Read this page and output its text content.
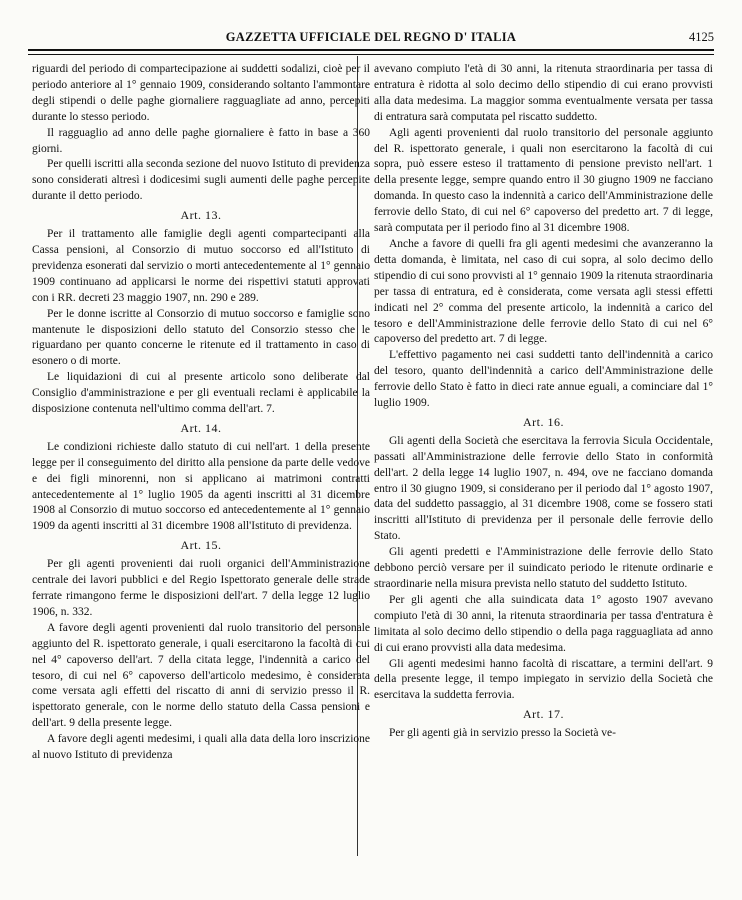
GAZZETTA UFFICIALE DEL REGNO D' ITALIA	4125

riguardi del periodo di compartecipazione ai suddetti sodalizi, cioè per il periodo anteriore al 1° gennaio 1909, considerando soltanto l'ammontare degli stipendi o delle paghe giornaliere ragguagliate ad anno, percepiti durante lo stesso periodo.

Il ragguaglio ad anno delle paghe giornaliere è fatto in base a 360 giorni.

Per quelli iscritti alla seconda sezione del nuovo Istituto di previdenza sono considerati altresì i dodicesimi sugli aumenti delle paghe percepite durante il detto periodo.

Art. 13.

Per il trattamento alle famiglie degli agenti compartecipanti alla Cassa pensioni, al Consorzio di mutuo soccorso ed all'Istituto di previdenza esonerati dal servizio o morti antecedentemente al 1° gennaio 1909 continuano ad applicarsi le norme dei rispettivi statuti approvati con i RR. decreti 23 maggio 1907, nn. 290 e 289.

Per le donne iscritte al Consorzio di mutuo soccorso e famiglie sono mantenute le disposizioni dello statuto del Consorzio stesso che le riguardano per quanto concerne le ritenute ed il trattamento in caso di esonero o di morte.

Le liquidazioni di cui al presente articolo sono deliberate dal Consiglio d'amministrazione e per gli eventuali reclami è applicabile la disposizione contenuta nell'ultimo comma dell'art. 7.

Art. 14.

Le condizioni richieste dallo statuto di cui nell'art. 1 della presente legge per il conseguimento del diritto alla pensione da parte delle vedove e dei figli minorenni, non si applicano ai matrimoni contratti antecedentemente al 1° luglio 1905 da agenti inscritti al 31 dicembre 1908 al Consorzio di mutuo soccorso ed antecedentemente al 1° gennaio 1909 da agenti inscritti al 31 dicembre 1908 all'Istituto di previdenza.

Art. 15.

Per gli agenti provenienti dai ruoli organici dell'Amministrazione centrale dei lavori pubblici e del Regio Ispettorato generale delle strade ferrate rimangono ferme le disposizioni dell'art. 7 della legge 12 luglio 1906, n. 332.

A favore degli agenti provenienti dal ruolo transitorio del personale aggiunto del R. ispettorato generale, i quali esercitarono la facoltà di cui nel 4° capoverso dell'art. 7 della citata legge, l'indennità a carico del tesoro, di cui nel 6° capoverso dell'articolo medesimo, è considerata come versata agli effetti del riscatto di anni di servizio presso il R. ispettorato generale, con le norme dello statuto della Cassa pensioni e dell'art. 9 della presente legge.

A favore degli agenti medesimi, i quali alla data della loro inscrizione al nuovo Istituto di previdenza

avevano compiuto l'età di 30 anni, la ritenuta straordinaria per tassa di entratura è ridotta al solo decimo dello stipendio di cui erano provvisti alla data medesima. La maggior somma eventualmente versata per tassa di entratura sarà computata pel riscatto suddetto.

Agli agenti provenienti dal ruolo transitorio del personale aggiunto del R. ispettorato generale, i quali non esercitarono la facoltà di cui sopra, può essere esteso il trattamento di pensione previsto nell'art. 1 della presente legge, sempre quando entro il 30 giugno 1909 ne facciano domanda. In questo caso la indennità a carico dell'Amministrazione delle ferrovie dello Stato, di cui nel 6° capoverso del predetto art. 7 di legge, sarà computata per il periodo fino al 31 dicembre 1908.

Anche a favore di quelli fra gli agenti medesimi che avanzeranno la detta domanda, è limitata, nel caso di cui sopra, al solo decimo dello stipendio di cui sono provvisti al 1° gennaio 1909 la ritenuta straordinaria per tassa di entratura, ed è considerata, come versata agli stessi effetti indicati nel 2° comma del presente articolo, la indennità a carico del tesoro e dell'Amministrazione delle ferrovie dello Stato di cui nel 6° capoverso del predetto art. 7 di legge.

L'effettivo pagamento nei casi suddetti tanto dell'indennità a carico del tesoro, quanto dell'indennità a carico dell'Amministrazione delle ferrovie dello Stato è fatto in dieci rate annue eguali, a cominciare dal 1° luglio 1909.

Art. 16.

Gli agenti della Società che esercitava la ferrovia Sicula Occidentale, passati all'Amministrazione delle ferrovie dello Stato in conformità dell'art. 2 della legge 14 luglio 1907, n. 494, ove ne facciano domanda entro il 30 giugno 1909, si considerano per il periodo dal 1° agosto 1907, data del suddetto passaggio, al 31 dicembre 1908, come se fossero stati inscritti all'Istituto di previdenza per il personale delle ferrovie dello Stato.

Gli agenti predetti e l'Amministrazione delle ferrovie dello Stato debbono perciò versare per il suindicato periodo le ritenute ordinarie e straordinarie nella misura prevista nello statuto del suddetto Istituto.

Per gli agenti che alla suindicata data 1° agosto 1907 avevano compiuto l'età di 30 anni, la ritenuta straordinaria per tassa d'entratura è limitata al solo decimo dello stipendio o della paga ragguagliata ad anno di cui erano provvisti alla data medesima.

Gli agenti medesimi hanno facoltà di riscattare, a termini dell'art. 9 della presente legge, il tempo impiegato in servizio della Società che esercitava la suddetta ferrovia.

Art. 17.

Per gli agenti già in servizio presso la Società ve-
